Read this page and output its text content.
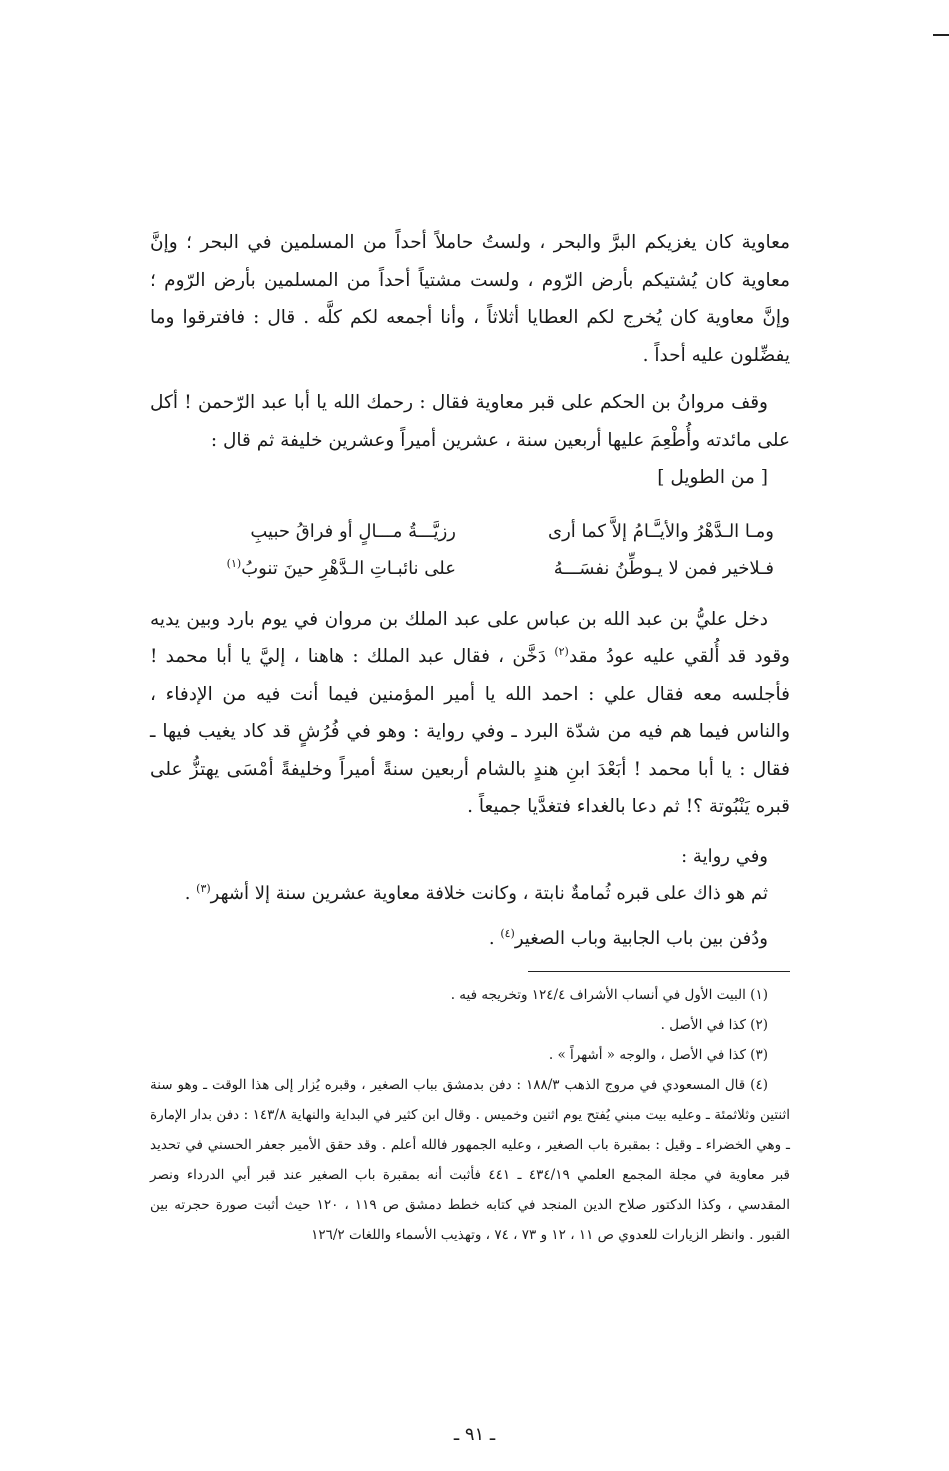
معاوية كان يغزيكم البرَّ والبحر ، ولستُ حاملاً أحداً من المسلمين في البحر ؛ وإنَّ معاوية كان يُشتيكم بأرض الرّوم ، ولست مشتياً أحداً من المسلمين بأرض الرّوم ؛ وإنَّ معاوية كان يُخرج لكم العطايا أثلاثاً ، وأنا أجمعه لكم كلَّه . قال : فافترقوا وما يفضِّلون عليه أحداً .

وقف مروانُ بن الحكم على قبر معاوية فقال : رحمك الله يا أبا عبد الرّحمن ! أكل على مائدته وأُطْعِمَ عليها أربعين سنة ، عشرين أميراً وعشرين خليفة ثم قال :
[ من الطويل ]

ومـا الـدَّهْرُ والأيـَّـامُ إلاَّ كما أرى
رزيَّـــةُ مـــالٍ أو فراقُ حبيبِ
فـلاخير فمن لا يـوطِّنُ نفسَـــهُ
على نائبـاتِ الـدَّهْرِ حينَ تنوبُ$^{(١)}$

دخل عليُّ بن عبد الله بن عباس على عبد الملك بن مروان في يوم بارد وبين يديه وقود قد أُلقي عليه عودُ مقد$^{(٢)}$ دَخَّن ، فقال عبد الملك : هاهنا ، إليَّ يا أبا محمد ! فأجلسه معه فقال علي : احمد الله يا أمير المؤمنين فيما أنت فيه من الإدفاء ، والناس فيما هم فيه من شدّة البرد ـ وفي رواية : وهو في فُرُشٍ قد كاد يغيب فيها ـ فقال : يا أبا محمد ! أبَعْدَ ابنِ هندٍ بالشام أربعين سنةً أميراً وخليفةً أمْسَى يهتزُّ على قبره يَنْبُوتة ؟! ثم دعا بالغداء فتغدَّيا جميعاً .

وفي رواية :

ثم هو ذاك على قبره ثُمامةٌ نابتة ، وكانت خلافة معاوية عشرين سنة إلا أشهر$^{(٣)}$ .

ودُفن بين باب الجابية وباب الصغير$^{(٤)}$ .

(١) البيت الأول في أنساب الأشراف ١٢٤/٤ وتخريجه فيه .
(٢) كذا في الأصل .
(٣) كذا في الأصل ، والوجه « أشهراً » .

(٤) قال المسعودي في مروج الذهب ١٨٨/٣ : دفن بدمشق بباب الصغير ، وقبره يُزار إلى هذا الوقت ـ وهو سنة اثنتين وثلاثمئة ـ وعليه بيت مبني يُفتح يوم اثنين وخميس . وقال ابن كثير في البداية والنهاية ١٤٣/٨ : دفن بدار الإمارة ـ وهي الخضراء ـ وقيل : بمقبرة باب الصغير ، وعليه الجمهور فالله أعلم . وقد حقق الأمير جعفر الحسني في تحديد قبر معاوية في مجلة المجمع العلمي ٤٣٤/١٩ ـ ٤٤١ فأثبت أنه بمقبرة باب الصغير عند قبر أبي الدرداء ونصر المقدسي ، وكذا الدكتور صلاح الدين المنجد في كتابه خطط دمشق ص ١١٩ ، ١٢٠ حيث أثبت صورة حجرته بين القبور . وانظر الزيارات للعدوي ص ١١ ، ١٢ و ٧٣ ، ٧٤ ، وتهذيب الأسماء واللغات ١٢٦/٢

ـ ٩١ ـ
